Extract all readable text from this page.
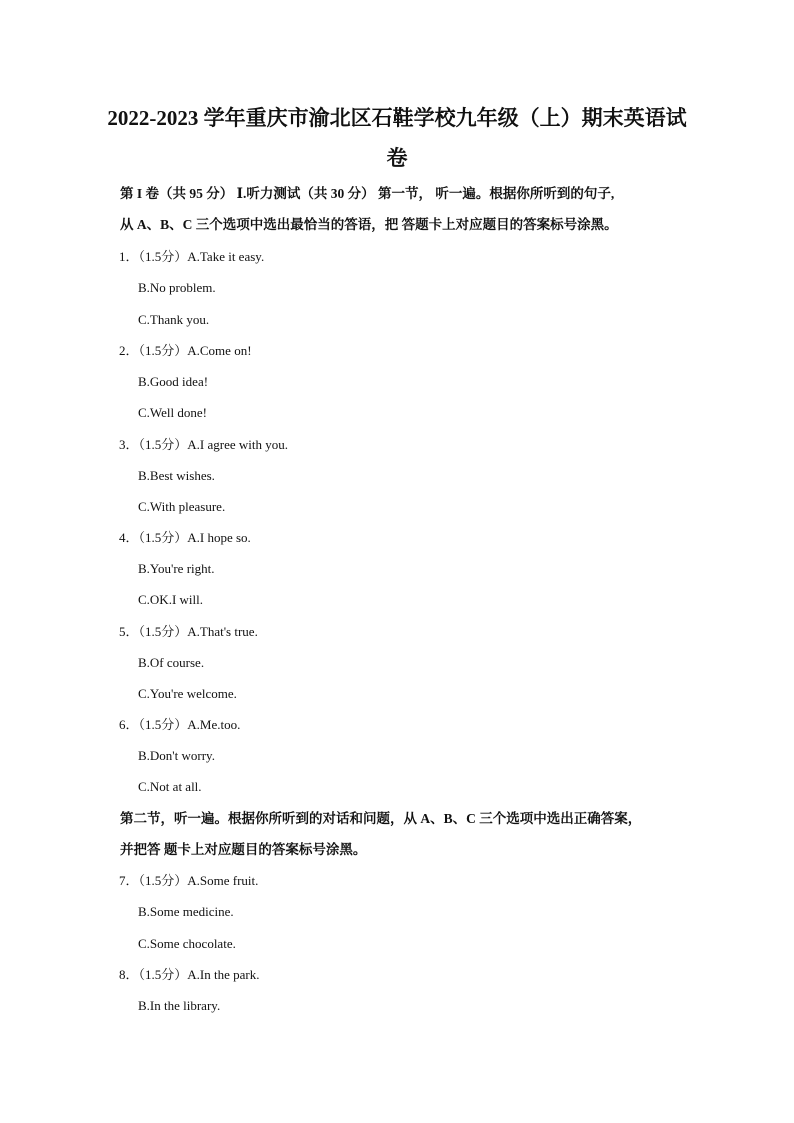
2022-2023 学年重庆市渝北区石鞋学校九年级（上）期末英语试
卷
第 I 卷（共 95 分） Ⅰ.听力测试（共 30 分） 第一节， 听一遍。根据你所听到的句子,
从 A、B、C 三个选项中选出最恰当的答语，把 答题卡上对应题目的答案标号涂黑。
1．（1.5分）A.Take it easy.
B.No problem.
C.Thank you.
2．（1.5分）A.Come on!
B.Good idea!
C.Well done!
3．（1.5分）A.I agree with you.
B.Best wishes.
C.With pleasure.
4．（1.5分）A.I hope so.
B.You're right.
C.OK.I will.
5．（1.5分）A.That's true.
B.Of course.
C.You're welcome.
6．（1.5分）A.Me.too.
B.Don't worry.
C.Not at all.
第二节，听一遍。根据你所听到的对话和问题，从 A、B、C 三个选项中选出正确答案，
并把答 题卡上对应题目的答案标号涂黑。
7．（1.5分）A.Some fruit.
B.Some medicine.
C.Some chocolate.
8．（1.5分）A.In the park.
B.In the library.
